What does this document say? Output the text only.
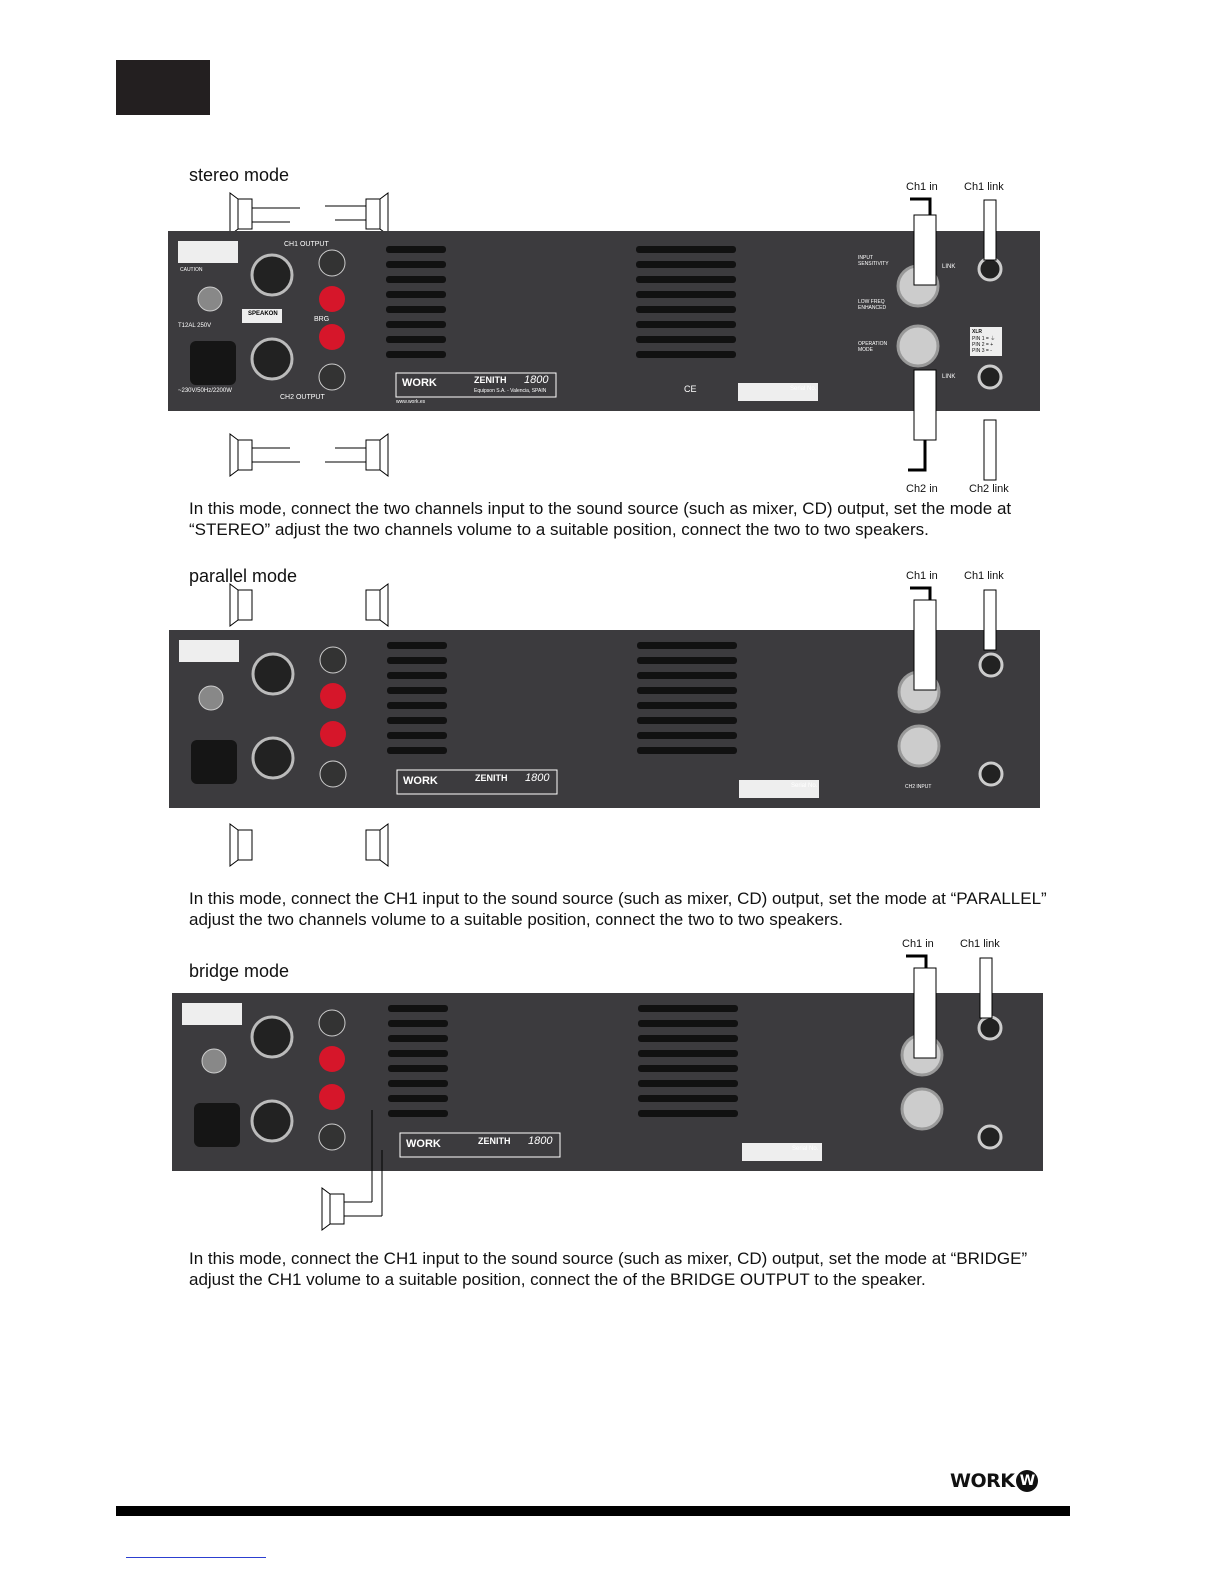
stereo mode
Ch1 in Ch1 link
Ch2 in	Ch2 link
CAUTION
CH1 OUTPUT
CH2 OUTPUT
SPEAKON
BRG
T12AL 250V
~230V/50Hz/2200W
WORK	ZENITH 1800
Equipson S.A. - Valencia, SPAIN
www.work.es
CE	Serial No.
INPUT SENSITIVITY
LOW FREQ ENHANCED
OPERATION MODE
LINK
LINK
XLR
PIN 1 = ⏚
PIN 2 = +
PIN 3 = -
In this mode, connect the two channels input to the sound source (such as mixer, CD) output, set the mode at “STEREO” adjust the two channels volume to a suitable position, connect the two to two speakers.
parallel mode	Ch1 in Ch1 link
WORK	ZENITH 1800
Serial No.	CH2 INPUT
In this mode, connect the CH1 input to the sound source (such as mixer, CD) output, set the mode at “PARALLEL” adjust the two channels volume to a suitable position, connect the two to two speakers.
bridge mode
Ch1 in Ch1 link
WORK	ZENITH 1800
Serial No.
In this mode, connect the CH1 input to the sound source (such as mixer, CD) output, set the mode at “BRIDGE” adjust the CH1 volume to a suitable position, connect the of the BRIDGE OUTPUT to the speaker.
WORK W
